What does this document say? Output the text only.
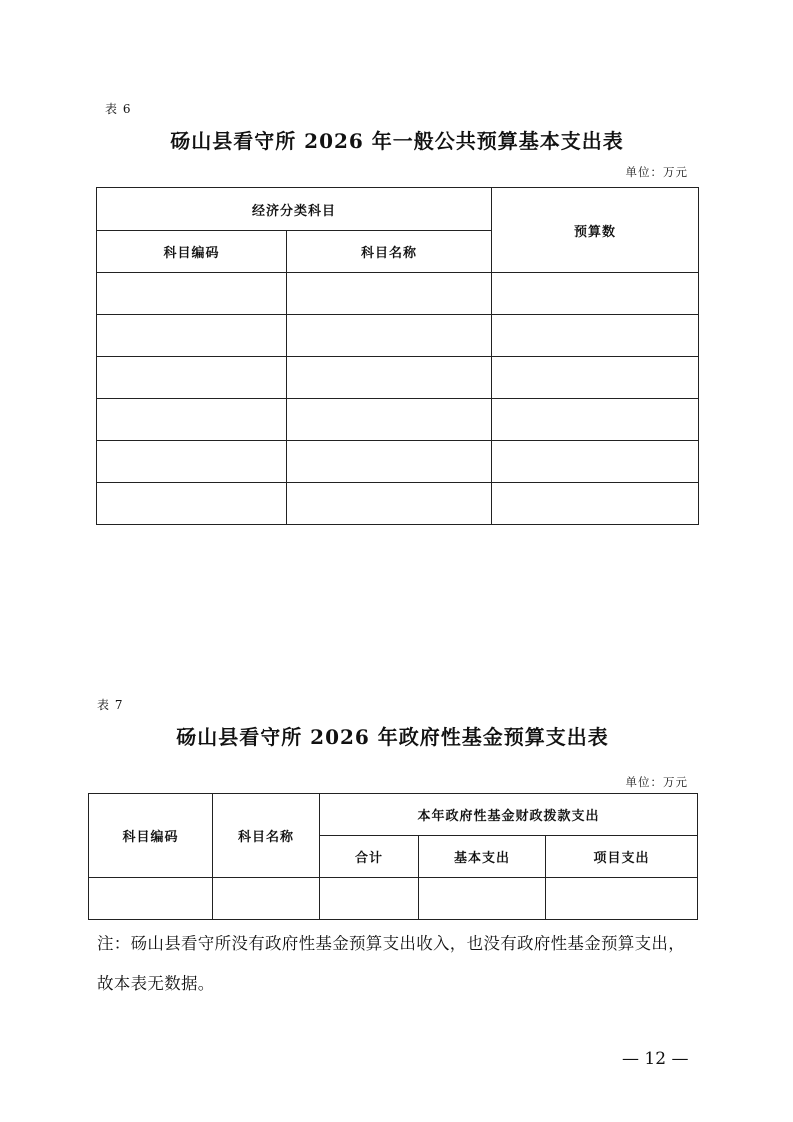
表 6
砀山县看守所 2026 年一般公共预算基本支出表
单位：万元
经济分类科目		预算数
科目编码	科目名称	

表 7
砀山县看守所 2026 年政府性基金预算支出表
单位：万元
科目编码	科目名称	本年政府性基金财政拨款支出		
		合计	基本支出	项目支出

注：砀山县看守所没有政府性基金预算支出收入，也没有政府性基金预算支出，故本表无数据。
— 12 —
